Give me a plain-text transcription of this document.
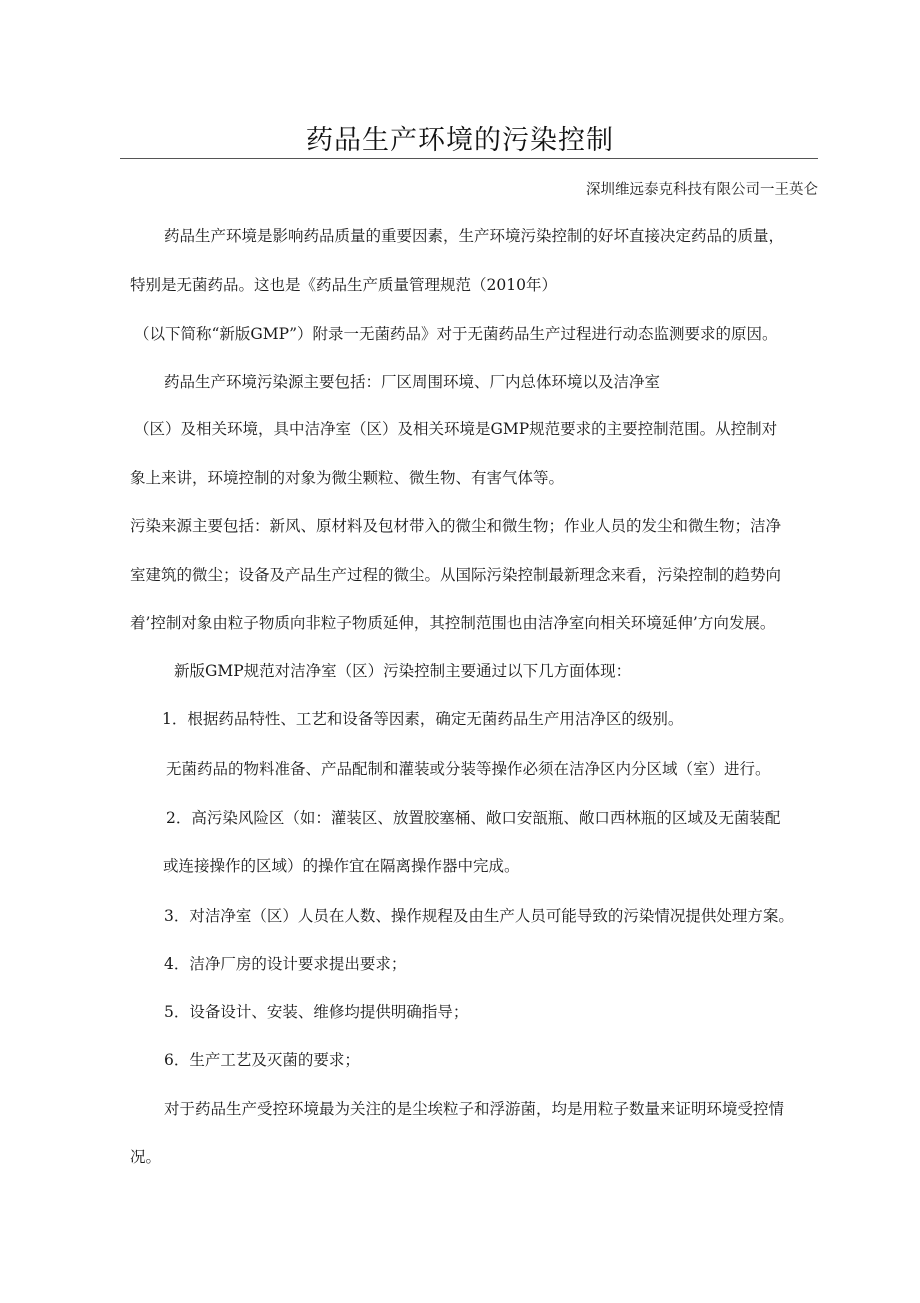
药品生产环境的污染控制
深圳维远泰克科技有限公司一王英仑
药品生产环境是影响药品质量的重要因素，生产环境污染控制的好坏直接决定药品的质量，
特别是无菌药品。这也是《药品生产质量管理规范（2010年）
（以下简称“新版GMP”）附录一无菌药品》对于无菌药品生产过程进行动态监测要求的原因。
药品生产环境污染源主要包括：厂区周围环境、厂内总体环境以及洁净室
（区）及相关环境，具中洁净室（区）及相关环境是GMP规范要求的主要控制范围。从控制对
象上来讲，环境控制的对象为微尘颗粒、微生物、有害气体等。
污染来源主要包括：新风、原材料及包材带入的微尘和微生物；作业人员的发尘和微生物；洁净
室建筑的微尘；设备及产品生产过程的微尘。从国际污染控制最新理念来看，污染控制的趋势向
着’控制对象由粒子物质向非粒子物质延伸，其控制范围也由洁净室向相关环境延伸’方向发展。
新版GMP规范对洁净室（区）污染控制主要通过以下几方面体现：
1．根据药品特性、工艺和设备等因素，确定无菌药品生产用洁净区的级别。
无菌药品的物料准备、产品配制和灌装或分装等操作必须在洁净区内分区域（室）进行。
2．高污染风险区（如：灌装区、放置胶塞桶、敞口安瓿瓶、敞口西林瓶的区域及无菌装配
或连接操作的区域）的操作宜在隔离操作器中完成。
3．对洁净室（区）人员在人数、操作规程及由生产人员可能导致的污染情况提供处理方案。
4．洁净厂房的设计要求提出要求；
5．设备设计、安装、维修均提供明确指导；
6．生产工艺及灭菌的要求；
对于药品生产受控环境最为关注的是尘埃粒子和浮游菌，均是用粒子数量来证明环境受控情
况。
